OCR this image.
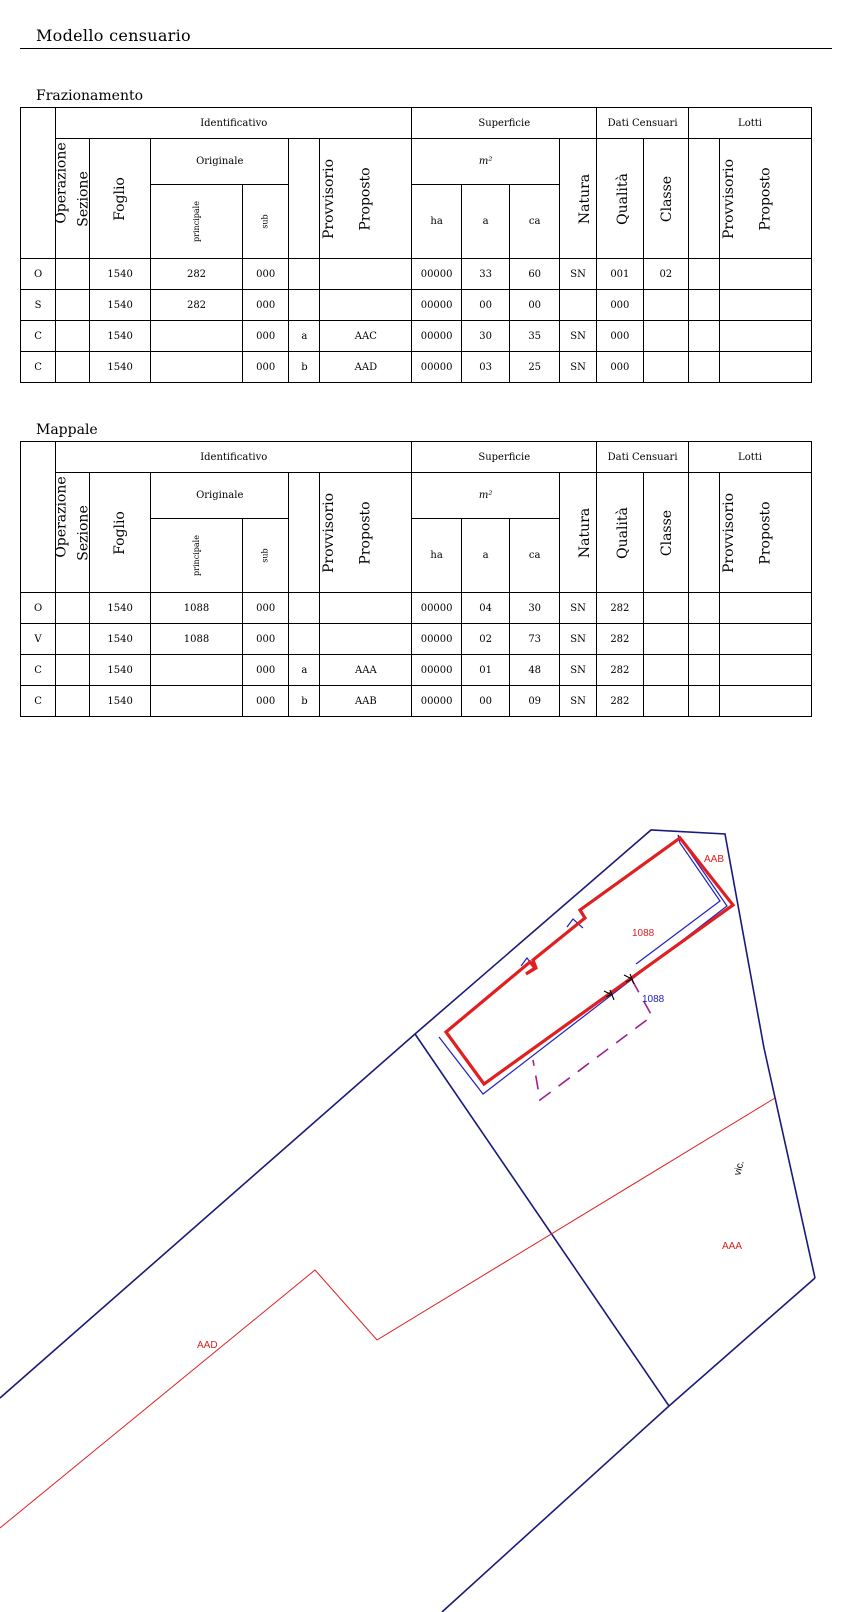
Modello censuario
Frazionamento
Operazione	Identificativo						Superficie				Dati Censuari		Lotti	
	Sezione	Foglio	Originale		Provvisorio	Proposto	m²			Natura	Qualità	Classe	Provvisorio	Proposto
			principale	sub			ha	a	ca					
O		1540	282	000			00000	33	60	SN	001	02		
S		1540	282	000			00000	00	00		000			
C		1540		000	a	AAC	00000	30	35	SN	000			
C		1540		000	b	AAD	00000	03	25	SN	000			
Mappale
Operazione	Identificativo						Superficie				Dati Censuari		Lotti	
	Sezione	Foglio	Originale		Provvisorio	Proposto	m²			Natura	Qualità	Classe	Provvisorio	Proposto
			principale	sub			ha	a	ca					
O		1540	1088	000			00000	04	30	SN	282			
V		1540	1088	000			00000	02	73	SN	282			
C		1540		000	a	AAA	00000	01	48	SN	282			
C		1540		000	b	AAB	00000	00	09	SN	282			
AAB
1088
1088
vic.
AAA
AAD
